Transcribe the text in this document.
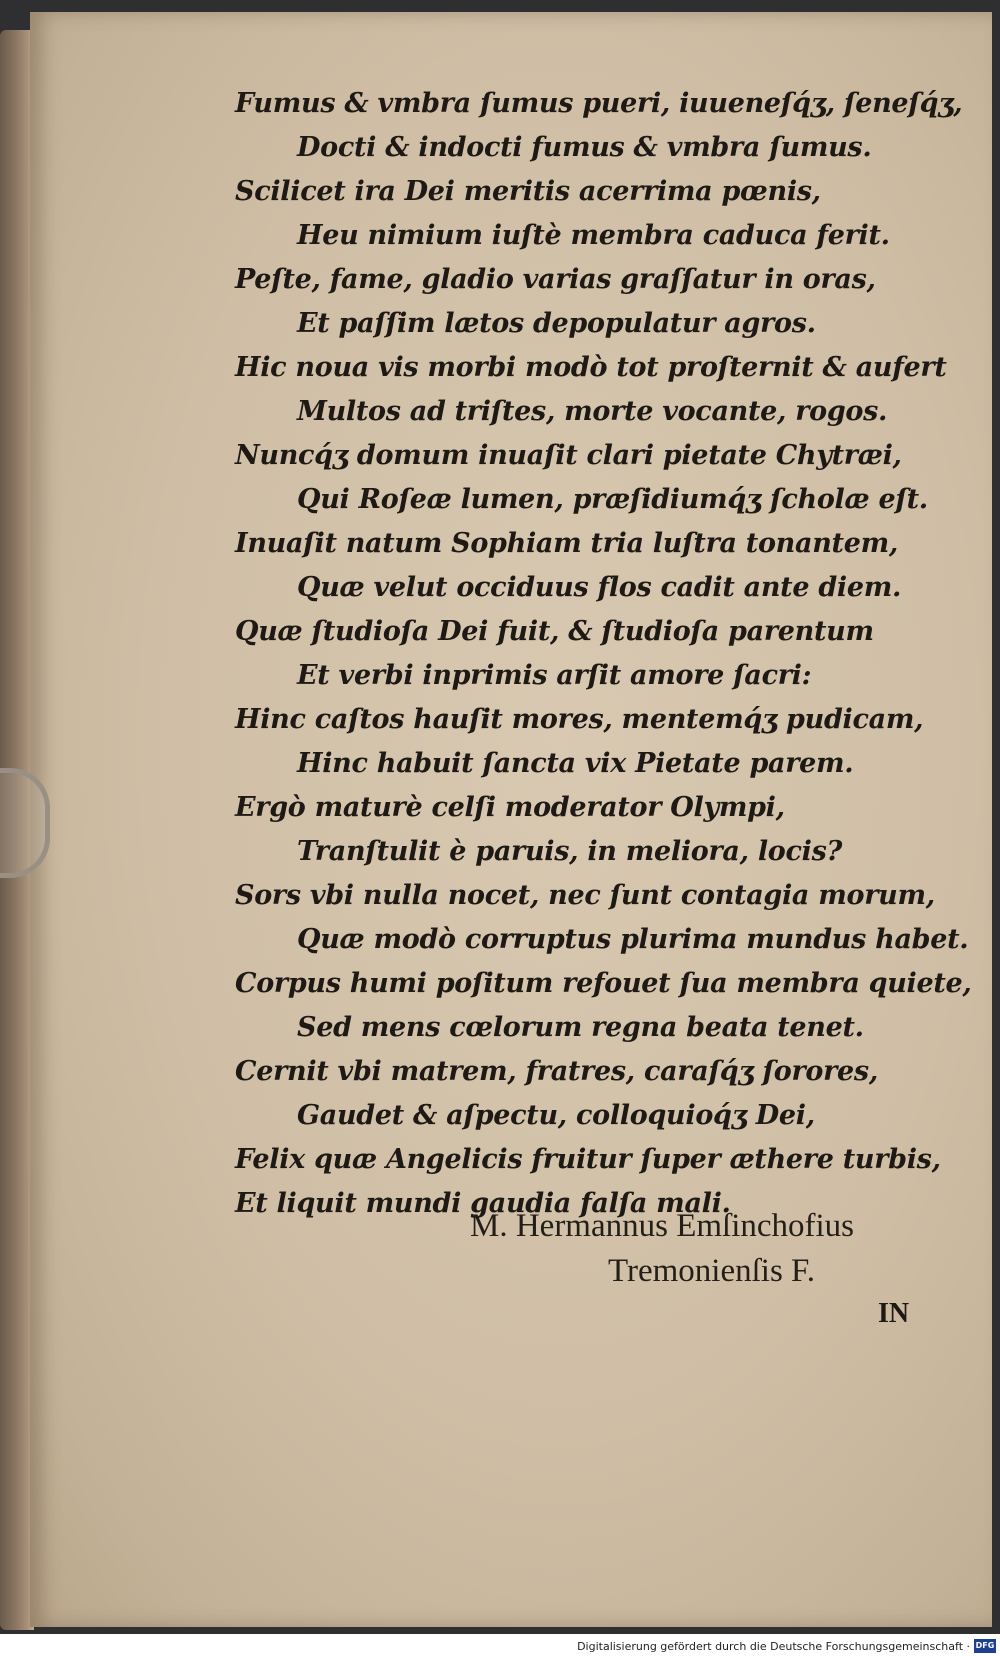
Fumus & vmbra ſumus pueri, iuueneſq́ʒ, ſeneſq́ʒ,
Docti & indocti fumus & vmbra ſumus.
Scilicet ira Dei meritis acerrima pœnis,
Heu nimium iuſtè membra caduca ferit.
Peſte, fame, gladio varias graſſatur in oras,
Et paſſim lætos depopulatur agros.
Hic noua vis morbi modò tot proſternit & aufert
Multos ad triſtes, morte vocante, rogos.
Nuncq́ʒ domum inuaſit clari pietate Chytræi,
Qui Roſeæ lumen, præſidiumq́ʒ ſcholæ eſt.
Inuaſit natum Sophiam tria luſtra tonantem,
Quæ velut occiduus flos cadit ante diem.
Quæ ſtudioſa Dei fuit, & ſtudioſa parentum
Et verbi inprimis arſit amore ſacri:
Hinc caſtos hauſit mores, mentemq́ʒ pudicam,
Hinc habuit ſancta vix Pietate parem.
Ergò maturè celſi moderator Olympi,
Tranſtulit è paruis, in meliora, locis?
Sors vbi nulla nocet, nec ſunt contagia morum,
Quæ modò corruptus plurima mundus habet.
Corpus humi poſitum refouet ſua membra quiete,
Sed mens cœlorum regna beata tenet.
Cernit vbi matrem, fratres, caraſq́ʒ ſorores,
Gaudet & aſpectu, colloquioq́ʒ Dei,
Felix quæ Angelicis fruitur ſuper æthere turbis,
Et liquit mundi gaudia falſa mali.
M. Hermannus Emſinchofius
Tremonienſis F.
IN
Digitalisierung gefördert durch die Deutsche Forschungsgemeinschaft · DFG
